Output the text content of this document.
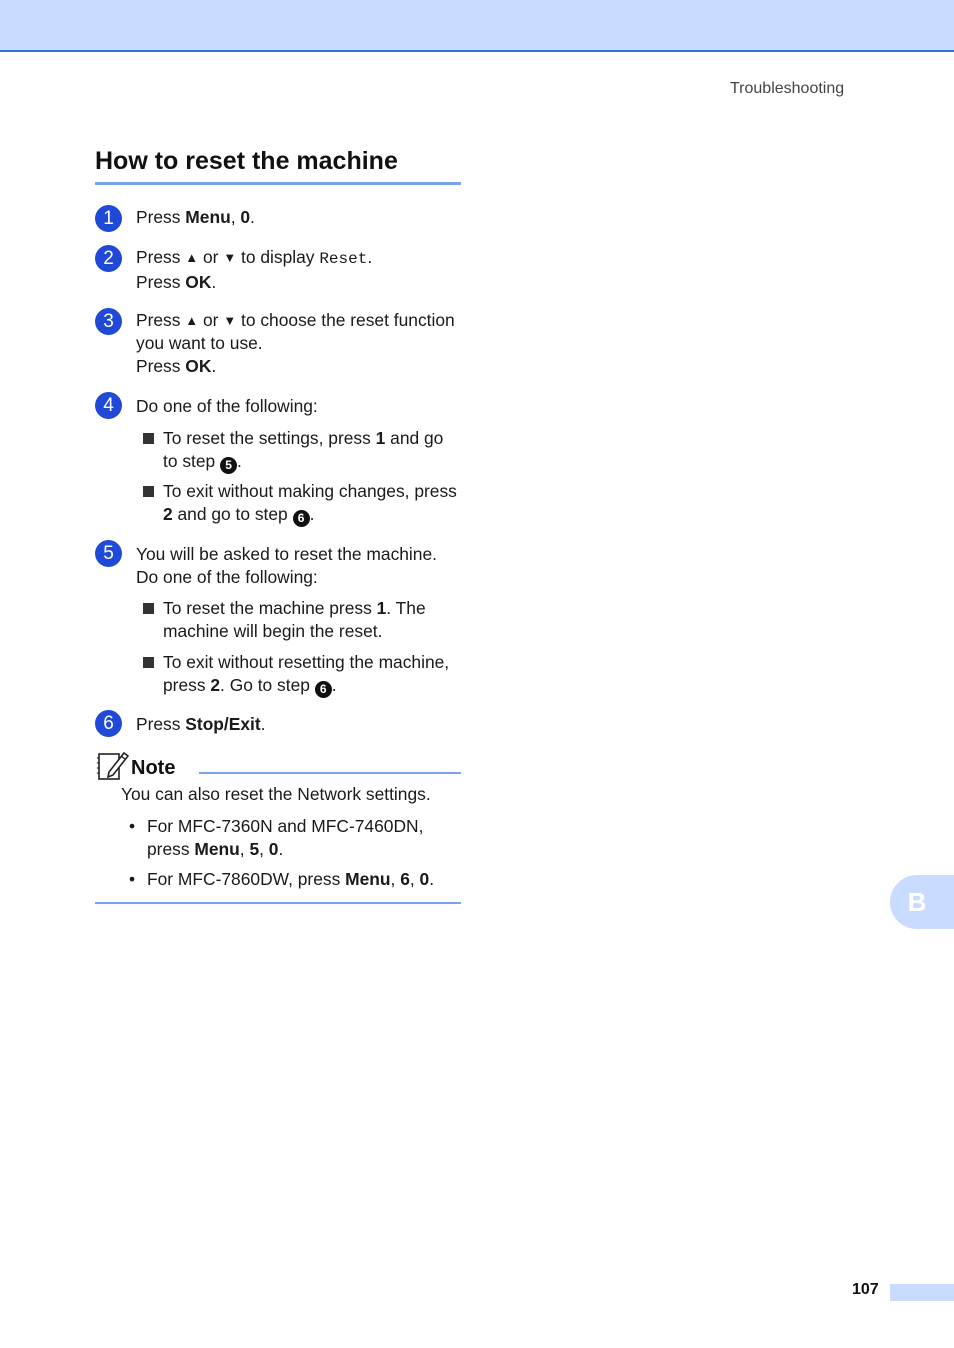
Troubleshooting
How to reset the machine
1	Press Menu, 0.
2	Press ▲ or ▼ to display Reset.
Press OK.
3	Press ▲ or ▼ to choose the reset function you want to use.
Press OK.
4	Do one of the following:
To reset the settings, press 1 and go to step 5 .
To exit without making changes, press 2 and go to step 6 .
5	You will be asked to reset the machine. Do one of the following:
To reset the machine press 1. The machine will begin the reset.
To exit without resetting the machine, press 2. Go to step 6 .
6	Press Stop/Exit.
Note
You can also reset the Network settings.
• For MFC-7360N and MFC-7460DN, press Menu, 5, 0.
• For MFC-7860DW, press Menu, 6, 0.
B
107
